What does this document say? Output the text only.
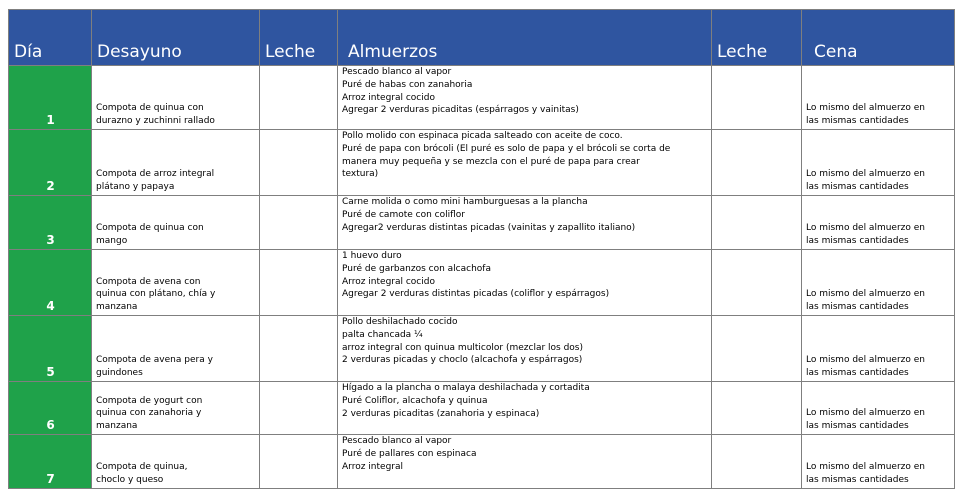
Día	Desayuno	Leche	Almuerzos	Leche	Cena
1	Compota de quinua con
durazno y zuchinni rallado		Pescado blanco al vapor
Puré de habas con zanahoria
Arroz integral cocido
Agregar 2 verduras picaditas (espárragos y vainitas)		Lo mismo del almuerzo en
las mismas cantidades

2	Compota de arroz integral
plátano y papaya		Pollo molido con espinaca picada salteado con aceite de coco.
Puré de papa con brócoli (El puré es solo de papa y el brócoli se corta de
manera muy pequeña y se mezcla con el puré de papa para crear
textura)		Lo mismo del almuerzo en
las mismas cantidades

3	Compota de quinua con
mango		Carne molida o como mini hamburguesas a la plancha
Puré de camote con coliflor
Agregar2 verduras distintas picadas (vainitas y zapallito italiano)		Lo mismo del almuerzo en
las mismas cantidades

4	Compota de avena con
quinua con plátano, chía y
manzana		1 huevo duro
Puré de garbanzos con alcachofa
Arroz integral cocido
Agregar 2 verduras distintas picadas (coliflor y espárragos)		Lo mismo del almuerzo en
las mismas cantidades

5	Compota de avena pera y
guindones		Pollo deshilachado cocido
palta chancada ¼
arroz integral con quinua multicolor (mezclar los dos)
2 verduras picadas y choclo (alcachofa y espárragos)		Lo mismo del almuerzo en
las mismas cantidades

6	Compota de yogurt con
quinua con zanahoria y
manzana		Hígado a la plancha o malaya deshilachada y cortadita
Puré Coliflor, alcachofa y quinua
2 verduras picaditas (zanahoria y espinaca)		Lo mismo del almuerzo en
las mismas cantidades

7	Compota de quinua,
choclo y queso		Pescado blanco al vapor
Puré de pallares con espinaca
Arroz integral		Lo mismo del almuerzo en
las mismas cantidades
